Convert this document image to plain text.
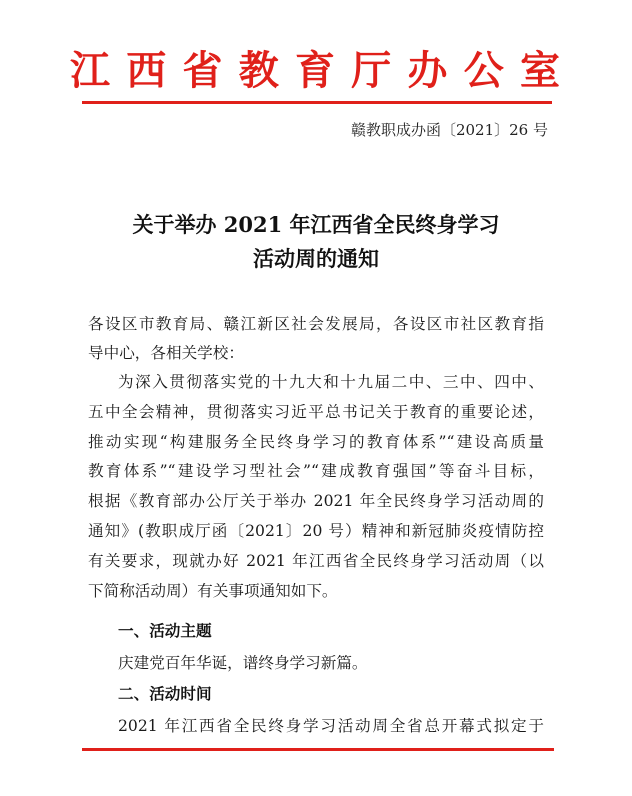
江西省教育厅办公室
赣教职成办函〔2021〕26 号
关于举办 2021 年江西省全民终身学习
活动周的通知
各设区市教育局、赣江新区社会发展局，各设区市社区教育指
导中心，各相关学校：
为深入贯彻落实党的十九大和十九届二中、三中、四中、
五中全会精神，贯彻落实习近平总书记关于教育的重要论述，
推动实现“构建服务全民终身学习的教育体系”“建设高质量
教育体系”“建设学习型社会”“建成教育强国”等奋斗目标，
根据《教育部办公厅关于举办 2021 年全民终身学习活动周的
通知》(教职成厅函〔2021〕20 号）精神和新冠肺炎疫情防控
有关要求，现就办好 2021 年江西省全民终身学习活动周（以
下简称活动周）有关事项通知如下。
一、活动主题
庆建党百年华诞，谱终身学习新篇。
二、活动时间
2021 年江西省全民终身学习活动周全省总开幕式拟定于
